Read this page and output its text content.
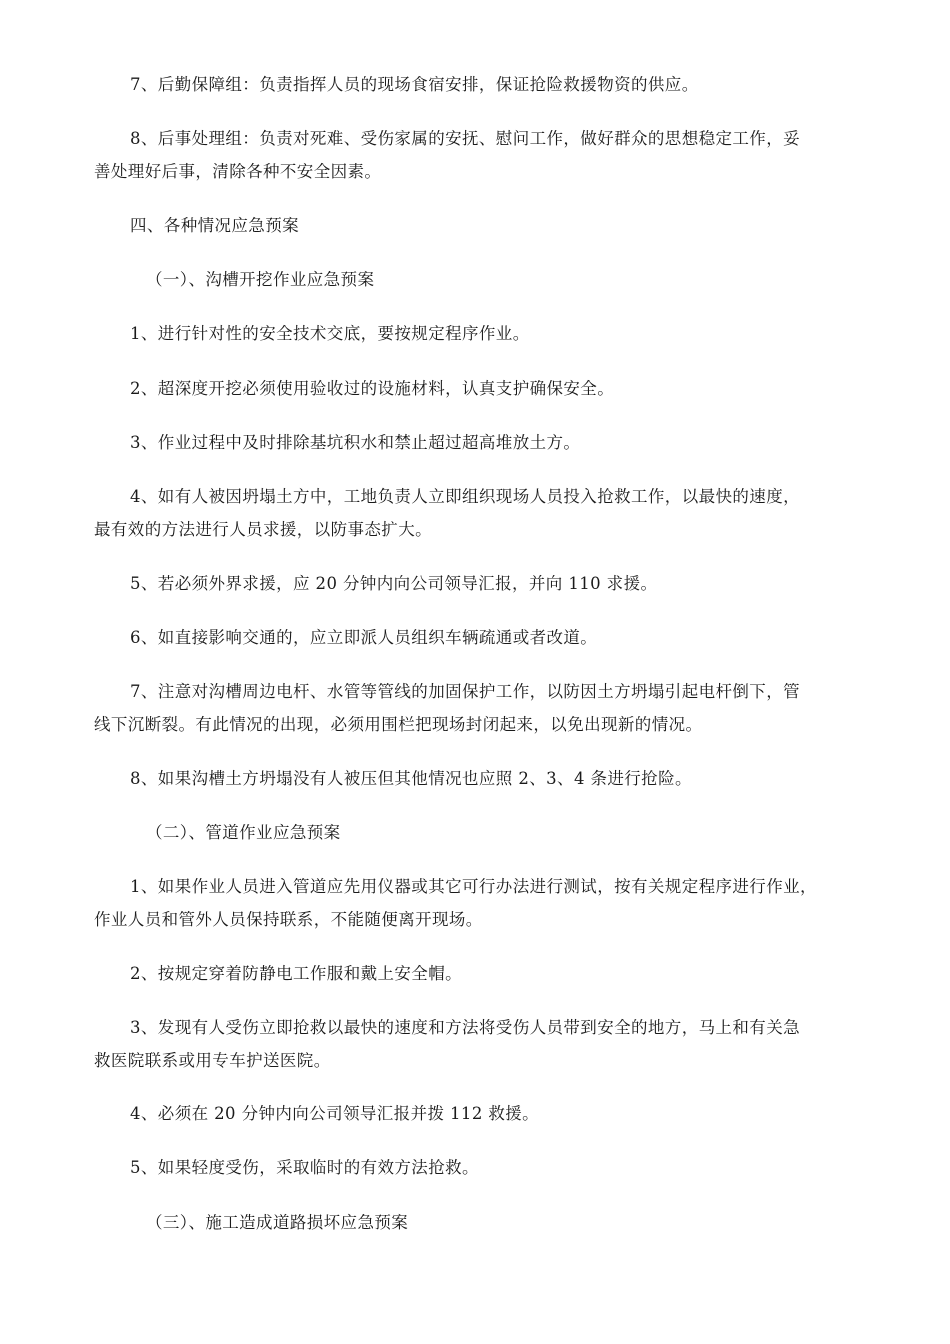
7、后勤保障组：负责指挥人员的现场食宿安排，保证抢险救援物资的供应。

8、后事处理组：负责对死难、受伤家属的安抚、慰问工作，做好群众的思想稳定工作，妥
善处理好后事，清除各种不安全因素。

四、各种情况应急预案

（一）、沟槽开挖作业应急预案

1、进行针对性的安全技术交底，要按规定程序作业。

2、超深度开挖必须使用验收过的设施材料，认真支护确保安全。

3、作业过程中及时排除基坑积水和禁止超过超高堆放土方。

4、如有人被因坍塌土方中，工地负责人立即组织现场人员投入抢救工作，以最快的速度，
最有效的方法进行人员求援，以防事态扩大。

5、若必须外界求援，应 20 分钟内向公司领导汇报，并向 110 求援。

6、如直接影响交通的，应立即派人员组织车辆疏通或者改道。

7、注意对沟槽周边电杆、水管等管线的加固保护工作，以防因土方坍塌引起电杆倒下，管
线下沉断裂。有此情况的出现，必须用围栏把现场封闭起来，以免出现新的情况。

8、如果沟槽土方坍塌没有人被压但其他情况也应照 2、3、4 条进行抢险。

（二）、管道作业应急预案

1、如果作业人员进入管道应先用仪器或其它可行办法进行测试，按有关规定程序进行作业，
作业人员和管外人员保持联系，不能随便离开现场。

2、按规定穿着防静电工作服和戴上安全帽。

3、发现有人受伤立即抢救以最快的速度和方法将受伤人员带到安全的地方，马上和有关急
救医院联系或用专车护送医院。

4、必须在 20 分钟内向公司领导汇报并拨 112 救援。

5、如果轻度受伤，采取临时的有效方法抢救。

（三）、施工造成道路损坏应急预案
